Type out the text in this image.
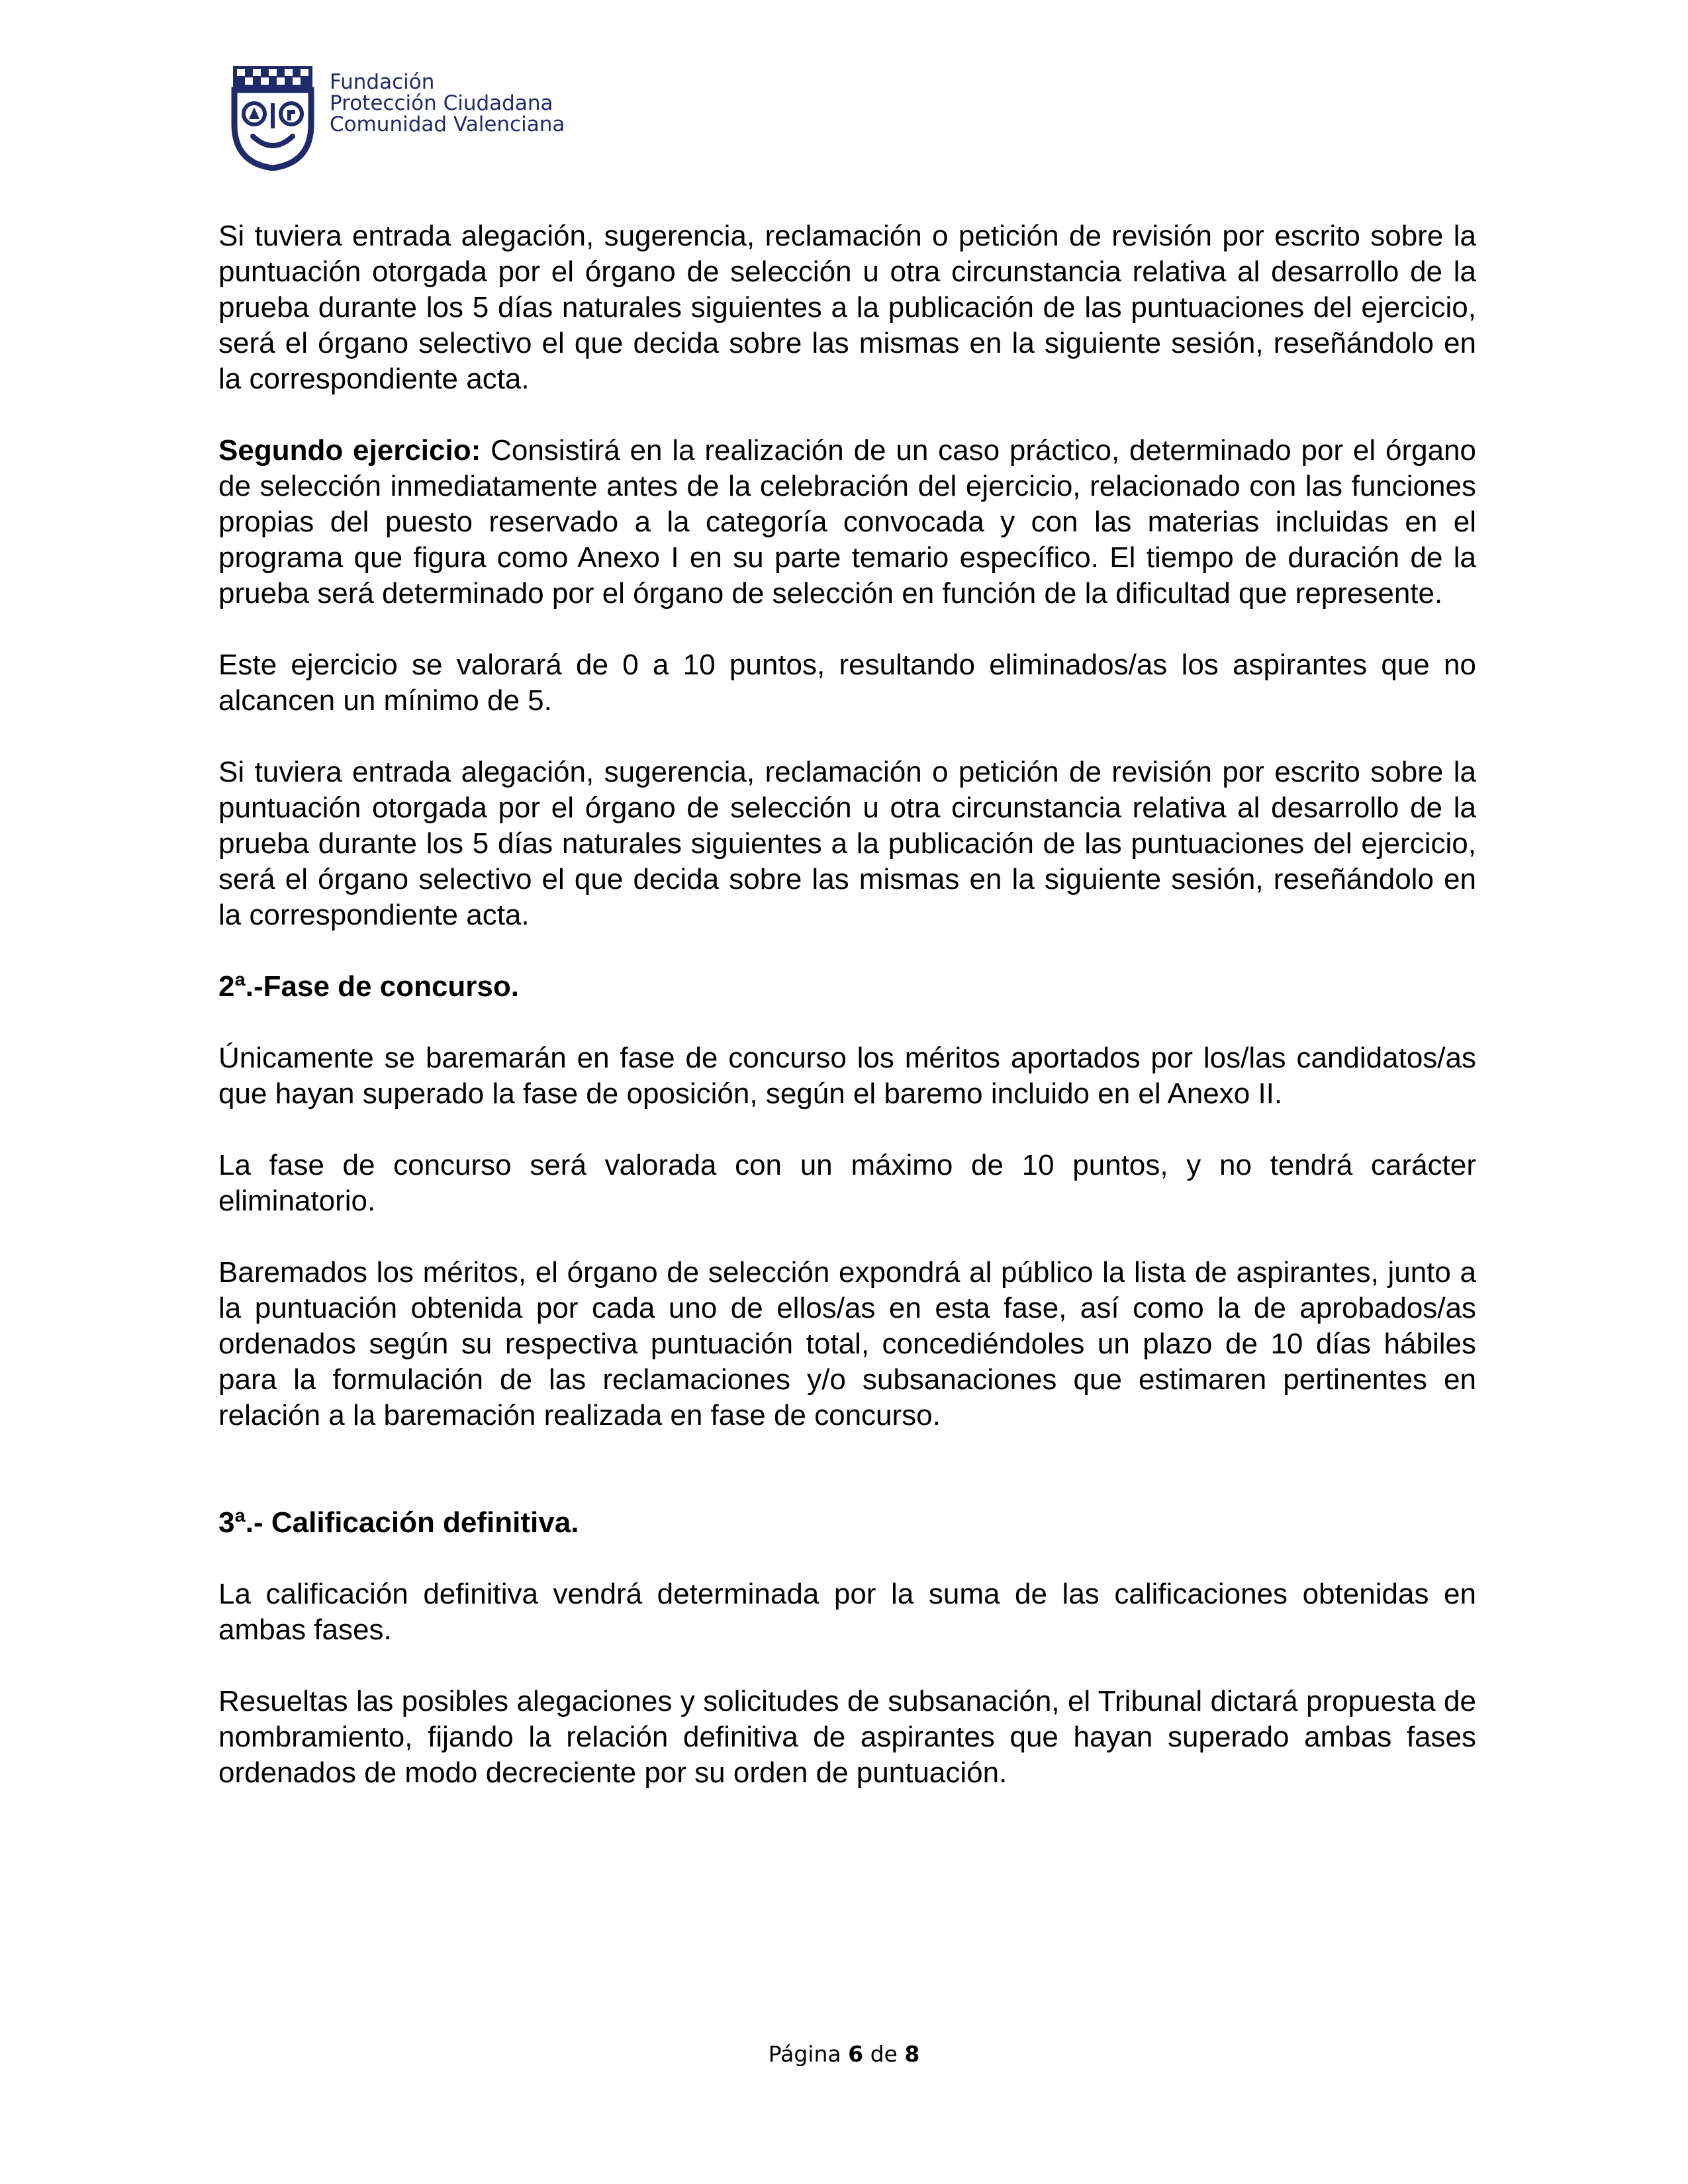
Fundación
Protección Ciudadana
Comunidad Valenciana

Si tuviera entrada alegación, sugerencia, reclamación o petición de revisión por escrito sobre la puntuación otorgada por el órgano de selección u otra circunstancia relativa al desarrollo de la prueba durante los 5 días naturales siguientes a la publicación de las puntuaciones del ejercicio, será el órgano selectivo el que decida sobre las mismas en la siguiente sesión, reseñándolo en la correspondiente acta.

Segundo ejercicio: Consistirá en la realización de un caso práctico, determinado por el órgano de selección inmediatamente antes de la celebración del ejercicio, relacionado con las funciones propias del puesto reservado a la categoría convocada y con las materias incluidas en el programa que figura como Anexo I en su parte temario específico. El tiempo de duración de la prueba será determinado por el órgano de selección en función de la dificultad que represente.

Este ejercicio se valorará de 0 a 10 puntos, resultando eliminados/as los aspirantes que no alcancen un mínimo de 5.

Si tuviera entrada alegación, sugerencia, reclamación o petición de revisión por escrito sobre la puntuación otorgada por el órgano de selección u otra circunstancia relativa al desarrollo de la prueba durante los 5 días naturales siguientes a la publicación de las puntuaciones del ejercicio, será el órgano selectivo el que decida sobre las mismas en la siguiente sesión, reseñándolo en la correspondiente acta.

2ª.-Fase de concurso.

Únicamente se baremarán en fase de concurso los méritos aportados por los/las candidatos/as que hayan superado la fase de oposición, según el baremo incluido en el Anexo II.

La fase de concurso será valorada con un máximo de 10 puntos, y no tendrá carácter eliminatorio.

Baremados los méritos, el órgano de selección expondrá al público la lista de aspirantes, junto a la puntuación obtenida por cada uno de ellos/as en esta fase, así como la de aprobados/as ordenados según su respectiva puntuación total, concediéndoles un plazo de 10 días hábiles para la formulación de las reclamaciones y/o subsanaciones que estimaren pertinentes en relación a la baremación realizada en fase de concurso.

3ª.- Calificación definitiva.

La calificación definitiva vendrá determinada por la suma de las calificaciones obtenidas en ambas fases.

Resueltas las posibles alegaciones y solicitudes de subsanación, el Tribunal dictará propuesta de nombramiento, fijando la relación definitiva de aspirantes que hayan superado ambas fases ordenados de modo decreciente por su orden de puntuación.

Página 6 de 8
